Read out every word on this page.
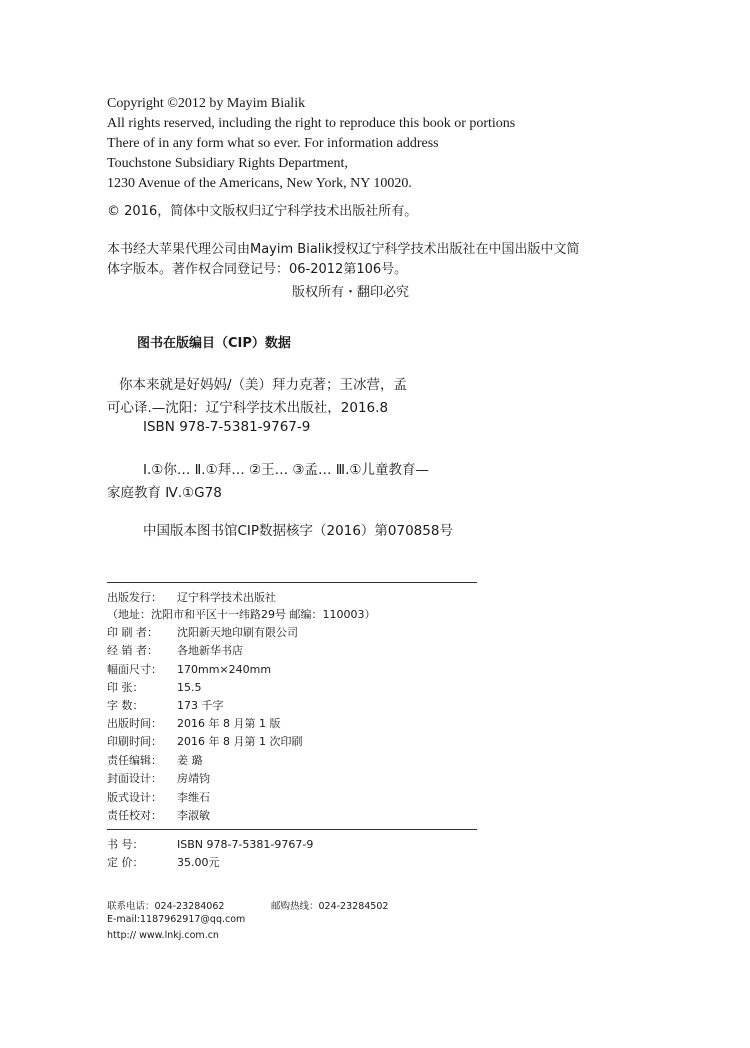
Copyright ©2012 by Mayim Bialik
All rights reserved, including the right to reproduce this book or portions
There of in any form what so ever. For information address
Touchstone Subsidiary Rights Department,
1230 Avenue of the Americans, New York, NY 10020.
© 2016，简体中文版权归辽宁科学技术出版社所有。
本书经大苹果代理公司由Mayim Bialik授权辽宁科学技术出版社在中国出版中文简
体字版本。著作权合同登记号：06-2012第106号。
版权所有・翻印必究
图书在版编目（CIP）数据
你本来就是好妈妈/（美）拜力克著；王冰营，孟
可心译.—沈阳：辽宁科学技术出版社，2016.8
ISBN 978-7-5381-9767-9
Ⅰ.①你… Ⅱ.①拜… ②王… ③孟… Ⅲ.①儿童教育—
家庭教育 Ⅳ.①G78
中国版本图书馆CIP数据核字（2016）第070858号
出版发行： 辽宁科学技术出版社
（地址：沈阳市和平区十一纬路29号 邮编：110003）
印 刷 者： 沈阳新天地印刷有限公司
经 销 者： 各地新华书店
幅面尺寸： 170mm×240mm
印 张：	15.5
字 数：	173 千字
出版时间： 2016 年 8 月第 1 版
印刷时间： 2016 年 8 月第 1 次印刷
责任编辑： 姜 璐
封面设计： 房靖钧
版式设计： 李维石
责任校对： 李淑敏
书 号：	ISBN 978-7-5381-9767-9
定 价：	35.00元
联系电话：024-23284062	邮购热线：024-23284502
E-mail:1187962917@qq.com
http:// www.lnkj.com.cn
